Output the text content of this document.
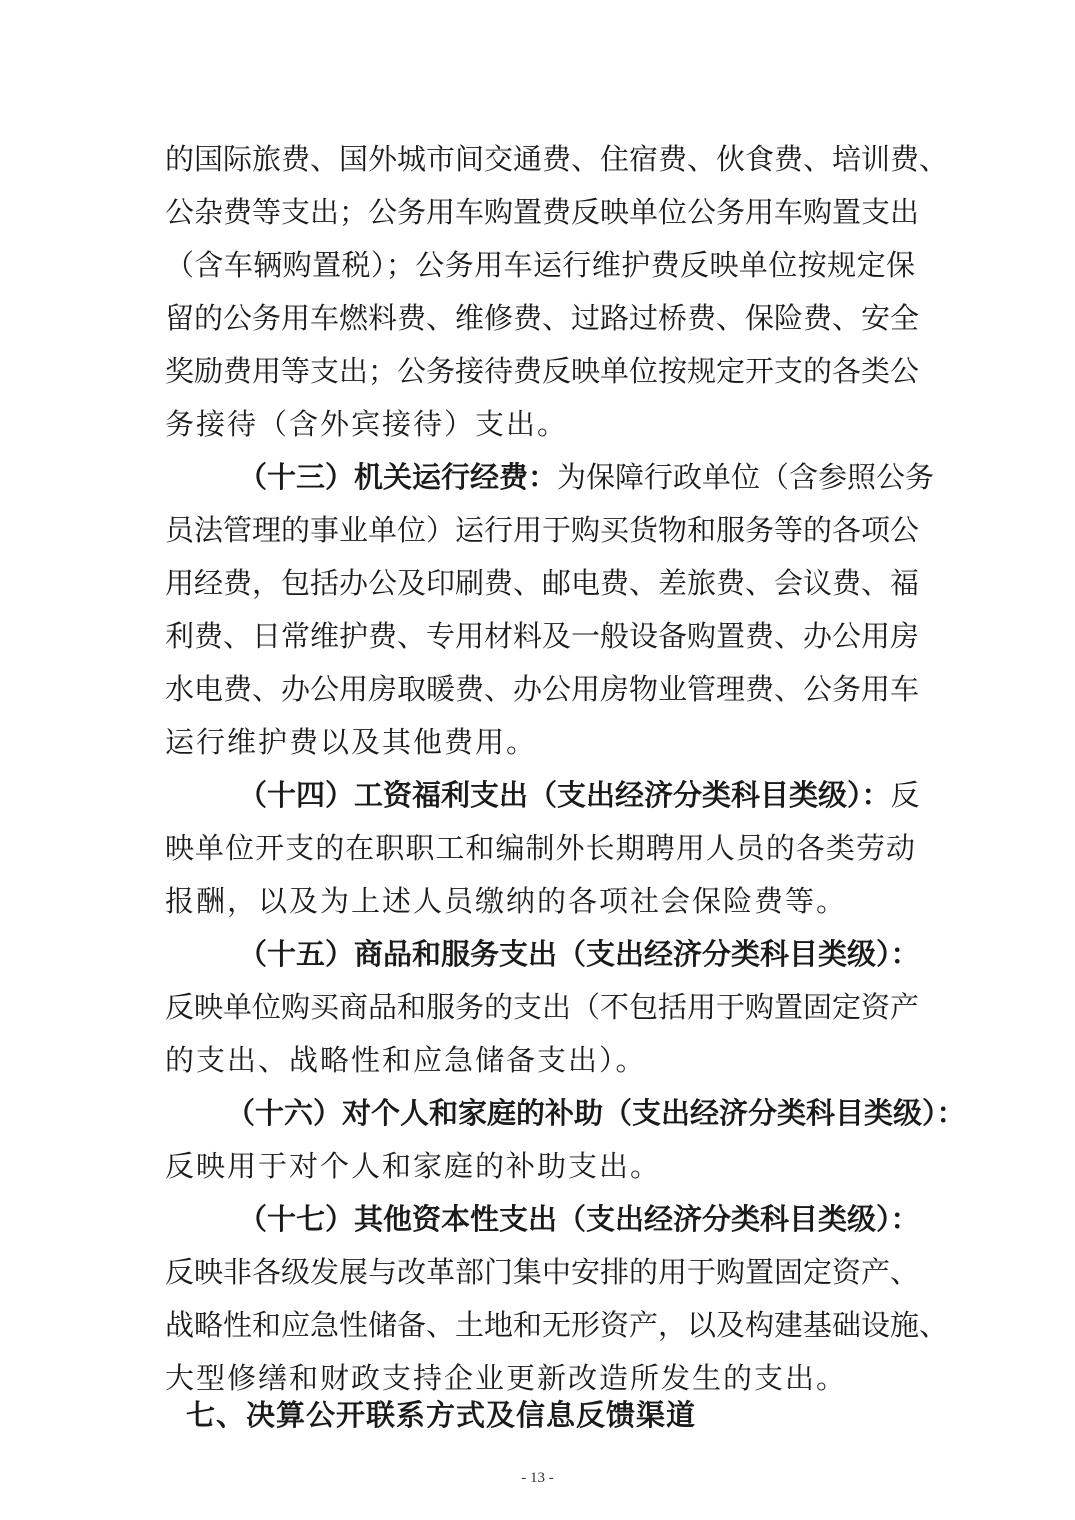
的国际旅费、国外城市间交通费、住宿费、伙食费、培训费、
公杂费等支出；公务用车购置费反映单位公务用车购置支出
（含车辆购置税）；公务用车运行维护费反映单位按规定保
留的公务用车燃料费、维修费、过路过桥费、保险费、安全
奖励费用等支出；公务接待费反映单位按规定开支的各类公
务接待（含外宾接待）支出。
（十三）机关运行经费：为保障行政单位（含参照公务
员法管理的事业单位）运行用于购买货物和服务等的各项公
用经费，包括办公及印刷费、邮电费、差旅费、会议费、福
利费、日常维护费、专用材料及一般设备购置费、办公用房
水电费、办公用房取暖费、办公用房物业管理费、公务用车
运行维护费以及其他费用。
（十四）工资福利支出（支出经济分类科目类级）：反
映单位开支的在职职工和编制外长期聘用人员的各类劳动
报酬，以及为上述人员缴纳的各项社会保险费等。
（十五）商品和服务支出（支出经济分类科目类级）：
反映单位购买商品和服务的支出（不包括用于购置固定资产
的支出、战略性和应急储备支出）。
（十六）对个人和家庭的补助（支出经济分类科目类级）：
反映用于对个人和家庭的补助支出。
（十七）其他资本性支出（支出经济分类科目类级）：
反映非各级发展与改革部门集中安排的用于购置固定资产、
战略性和应急性储备、土地和无形资产，以及构建基础设施、
大型修缮和财政支持企业更新改造所发生的支出。
七、决算公开联系方式及信息反馈渠道
- 13 -
